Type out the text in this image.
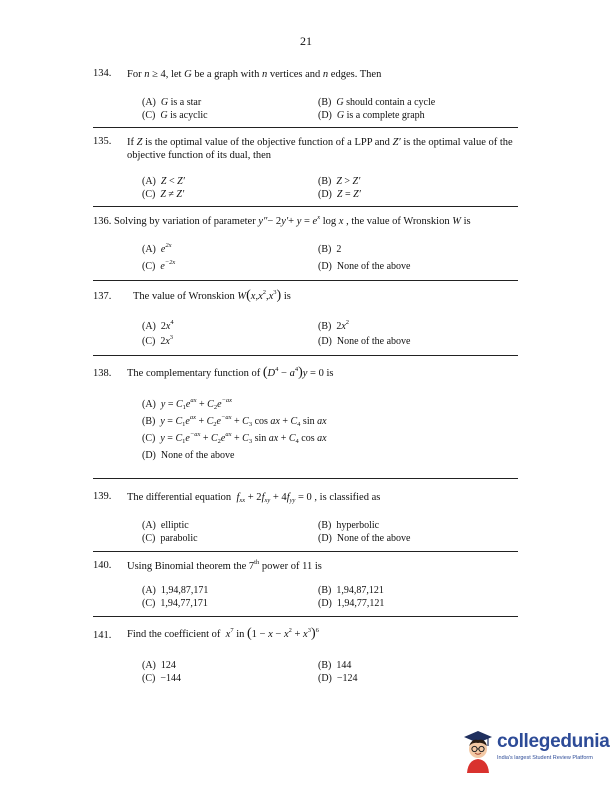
21
134. For n ≥ 4, let G be a graph with n vertices and n edges. Then
(A) G is a star	(B) G should contain a cycle
(C) G is acyclic	(D) G is a complete graph
135. If Z is the optimal value of the objective function of a LPP and Z′ is the optimal value of the objective function of its dual, then
(A) Z < Z′	(B) Z > Z′
(C) Z ≠ Z′	(D) Z = Z′
136. Solving by variation of parameter $y''- 2y'+ y = e^x$ log x , the value of Wronskion W is
(A) $e^{2x}$	(B) 2
(C) $e^{-2x}$	(D) None of the above
137. The value of Wronskion $W(x,x^2,x^3)$ is
(A)  $2x^4$	(B)  $2x^2$
(C)  $2x^3$	(D) None of the above
138. The complementary function of $(D^4 - a^4)y = 0$ is
(A) $y = C_1e^{ax} + C_2e^{-ax}$
(B) $y = C_1e^{ax} + C_2e^{-ax} + C_3$ cos ax + $C_4$ sin ax
(C) $y = C_1e^{-ax} + C_2e^{ax} + C_3$ sin ax + $C_4$ cos ax
(D) None of the above
139. The differential equation  $f_{xx} + 2f_{xy} + 4f_{yy} = 0$ , is classified as
(A) elliptic	(B) hyperbolic
(C) parabolic	(D) None of the above
140. Using Binomial theorem the 7th power of 11 is
(A) 1,94,87,171	(B) 1,94,87,121
(C) 1,94,77,171	(D) 1,94,77,121
141. Find the coefficient of  $x^7$ in $(1 - x - x^2 + x^3)^6$
(A) 124	(B) 144
(C) −144	(D) −124
collegedunia
India's largest Student Review Platform
